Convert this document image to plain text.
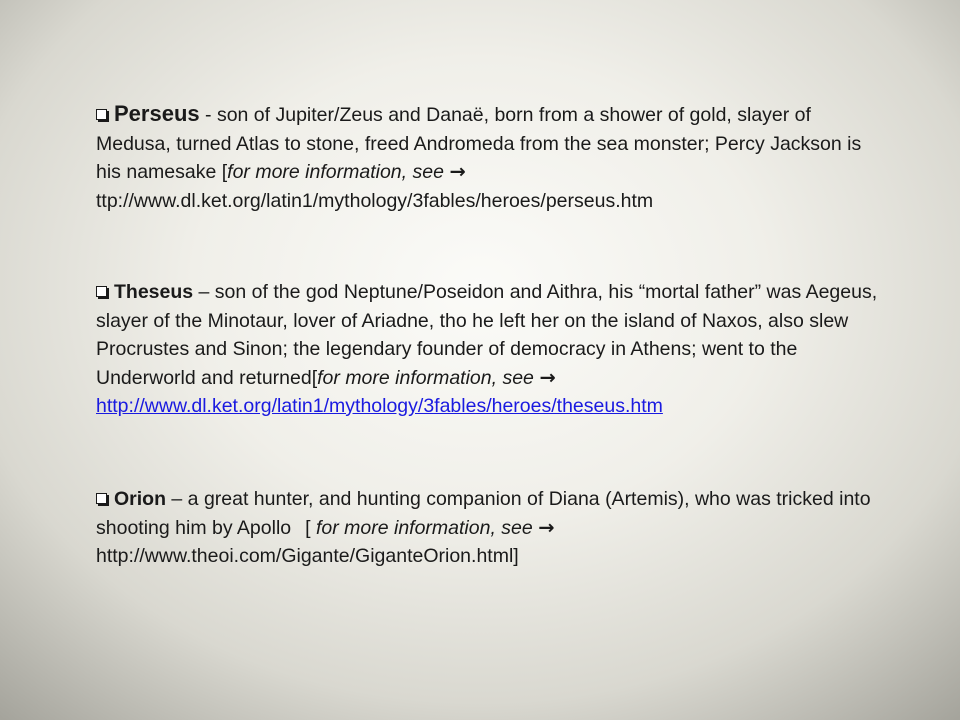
Perseus - son of Jupiter/Zeus and Danaë, born from a shower of gold, slayer of Medusa, turned Atlas to stone, freed Andromeda from the sea monster; Percy Jackson is his namesake [for more information, see →
ttp://www.dl.ket.org/latin1/mythology/3fables/heroes/perseus.htm

Theseus – son of the god Neptune/Poseidon and Aithra, his “mortal father” was Aegeus, slayer of the Minotaur, lover of Ariadne, tho he left her on the island of Naxos, also slew Procrustes and Sinon; the legendary founder of democracy in Athens; went to the Underworld and returned[for more information, see →
http://www.dl.ket.org/latin1/mythology/3fables/heroes/theseus.htm

Orion – a great hunter, and hunting companion of Diana (Artemis), who was tricked into shooting him by Apollo [ for more information, see →
http://www.theoi.com/Gigante/GiganteOrion.html]
